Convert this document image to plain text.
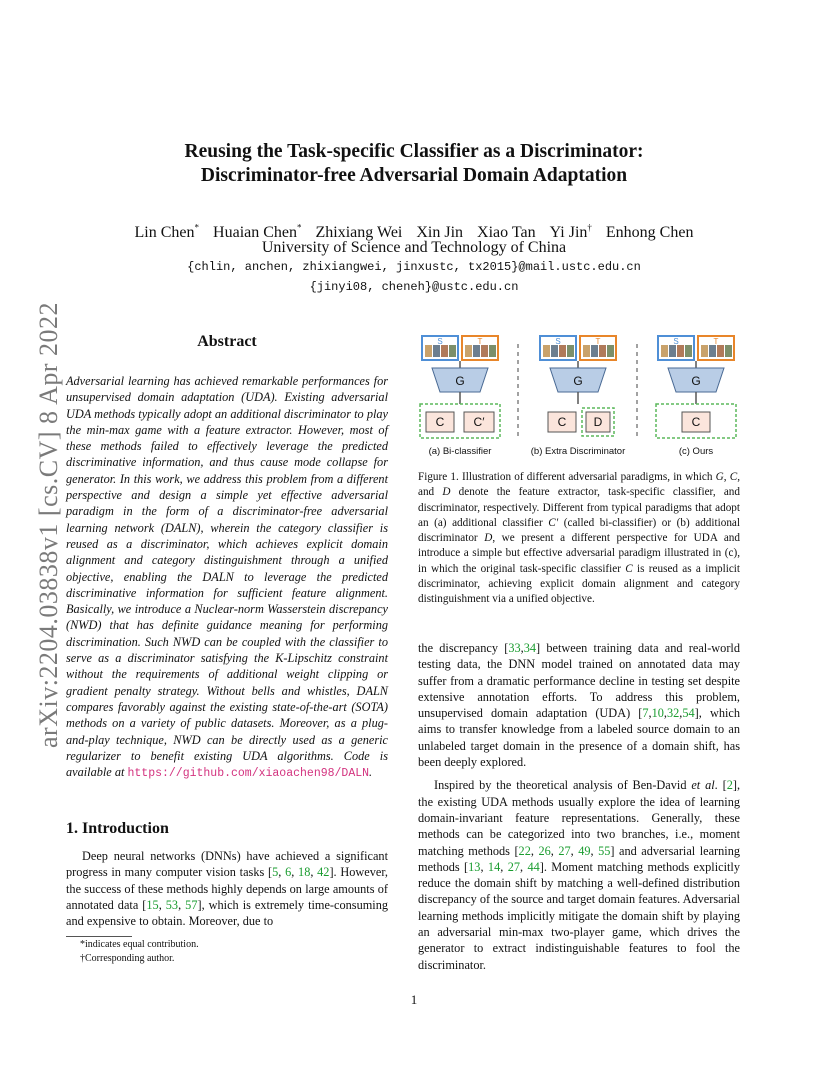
arXiv:2204.03838v1 [cs.CV] 8 Apr 2022
Reusing the Task-specific Classifier as a Discriminator:
Discriminator-free Adversarial Domain Adaptation
Lin Chen* Huaian Chen* Zhixiang Wei Xin Jin Xiao Tan Yi Jin† Enhong Chen
University of Science and Technology of China
{chlin, anchen, zhixiangwei, jinxustc, tx2015}@mail.ustc.edu.cn
{jinyi08, cheneh}@ustc.edu.cn
Abstract
Adversarial learning has achieved remarkable performances for unsupervised domain adaptation (UDA). Existing adversarial UDA methods typically adopt an additional discriminator to play the min-max game with a feature extractor. However, most of these methods failed to effectively leverage the predicted discriminative information, and thus cause mode collapse for generator. In this work, we address this problem from a different perspective and design a simple yet effective adversarial paradigm in the form of a discriminator-free adversarial learning network (DALN), wherein the category classifier is reused as a discriminator, which achieves explicit domain alignment and category distinguishment through a unified objective, enabling the DALN to leverage the predicted discriminative information for sufficient feature alignment. Basically, we introduce a Nuclear-norm Wasserstein discrepancy (NWD) that has definite guidance meaning for performing discrimination. Such NWD can be coupled with the classifier to serve as a discriminator satisfying the K-Lipschitz constraint without the requirements of additional weight clipping or gradient penalty strategy. Without bells and whistles, DALN compares favorably against the existing state-of-the-art (SOTA) methods on a variety of public datasets. Moreover, as a plug-and-play technique, NWD can be directly used as a generic regularizer to benefit existing UDA algorithms. Code is available at https://github.com/xiaoachen98/DALN.
1. Introduction

Deep neural networks (DNNs) have achieved a significant progress in many computer vision tasks [5, 6, 18, 42]. However, the success of these methods highly depends on large amounts of annotated data [15, 53, 57], which is extremely time-consuming and expensive to obtain. Moreover, due to

*indicates equal contribution.
†Corresponding author.
S	T
G
C C′
(a) Bi-classifier
S	T
G
C D
(b) Extra Discriminator
S	T
G
C
(c) Ours
Figure 1. Illustration of different adversarial paradigms, in which G, C, and D denote the feature extractor, task-specific classifier, and discriminator, respectively. Different from typical paradigms that adopt an (a) additional classifier C′ (called bi-classifier) or (b) additional discriminator D, we present a different perspective for UDA and introduce a simple but effective adversarial paradigm illustrated in (c), in which the original task-specific classifier C is reused as a implicit discriminator, achieving explicit domain alignment and category distinguishment via a unified objective.

the discrepancy [33,34] between training data and real-world testing data, the DNN model trained on annotated data may suffer from a dramatic performance decline in testing set despite extensive annotation efforts. To address this problem, unsupervised domain adaptation (UDA) [7,10,32,54], which aims to transfer knowledge from a labeled source domain to an unlabeled target domain in the presence of a domain shift, has been deeply explored.

Inspired by the theoretical analysis of Ben-David et al. [2], the existing UDA methods usually explore the idea of learning domain-invariant feature representations. Generally, these methods can be categorized into two branches, i.e., moment matching methods [22, 26, 27, 49, 55] and adversarial learning methods [13, 14, 27, 44]. Moment matching methods explicitly reduce the domain shift by matching a well-defined distribution discrepancy of the source and target domain features. Adversarial learning methods implicitly mitigate the domain shift by playing an adversarial min-max two-player game, which drives the generator to extract indistinguishable features to fool the discriminator.

1
